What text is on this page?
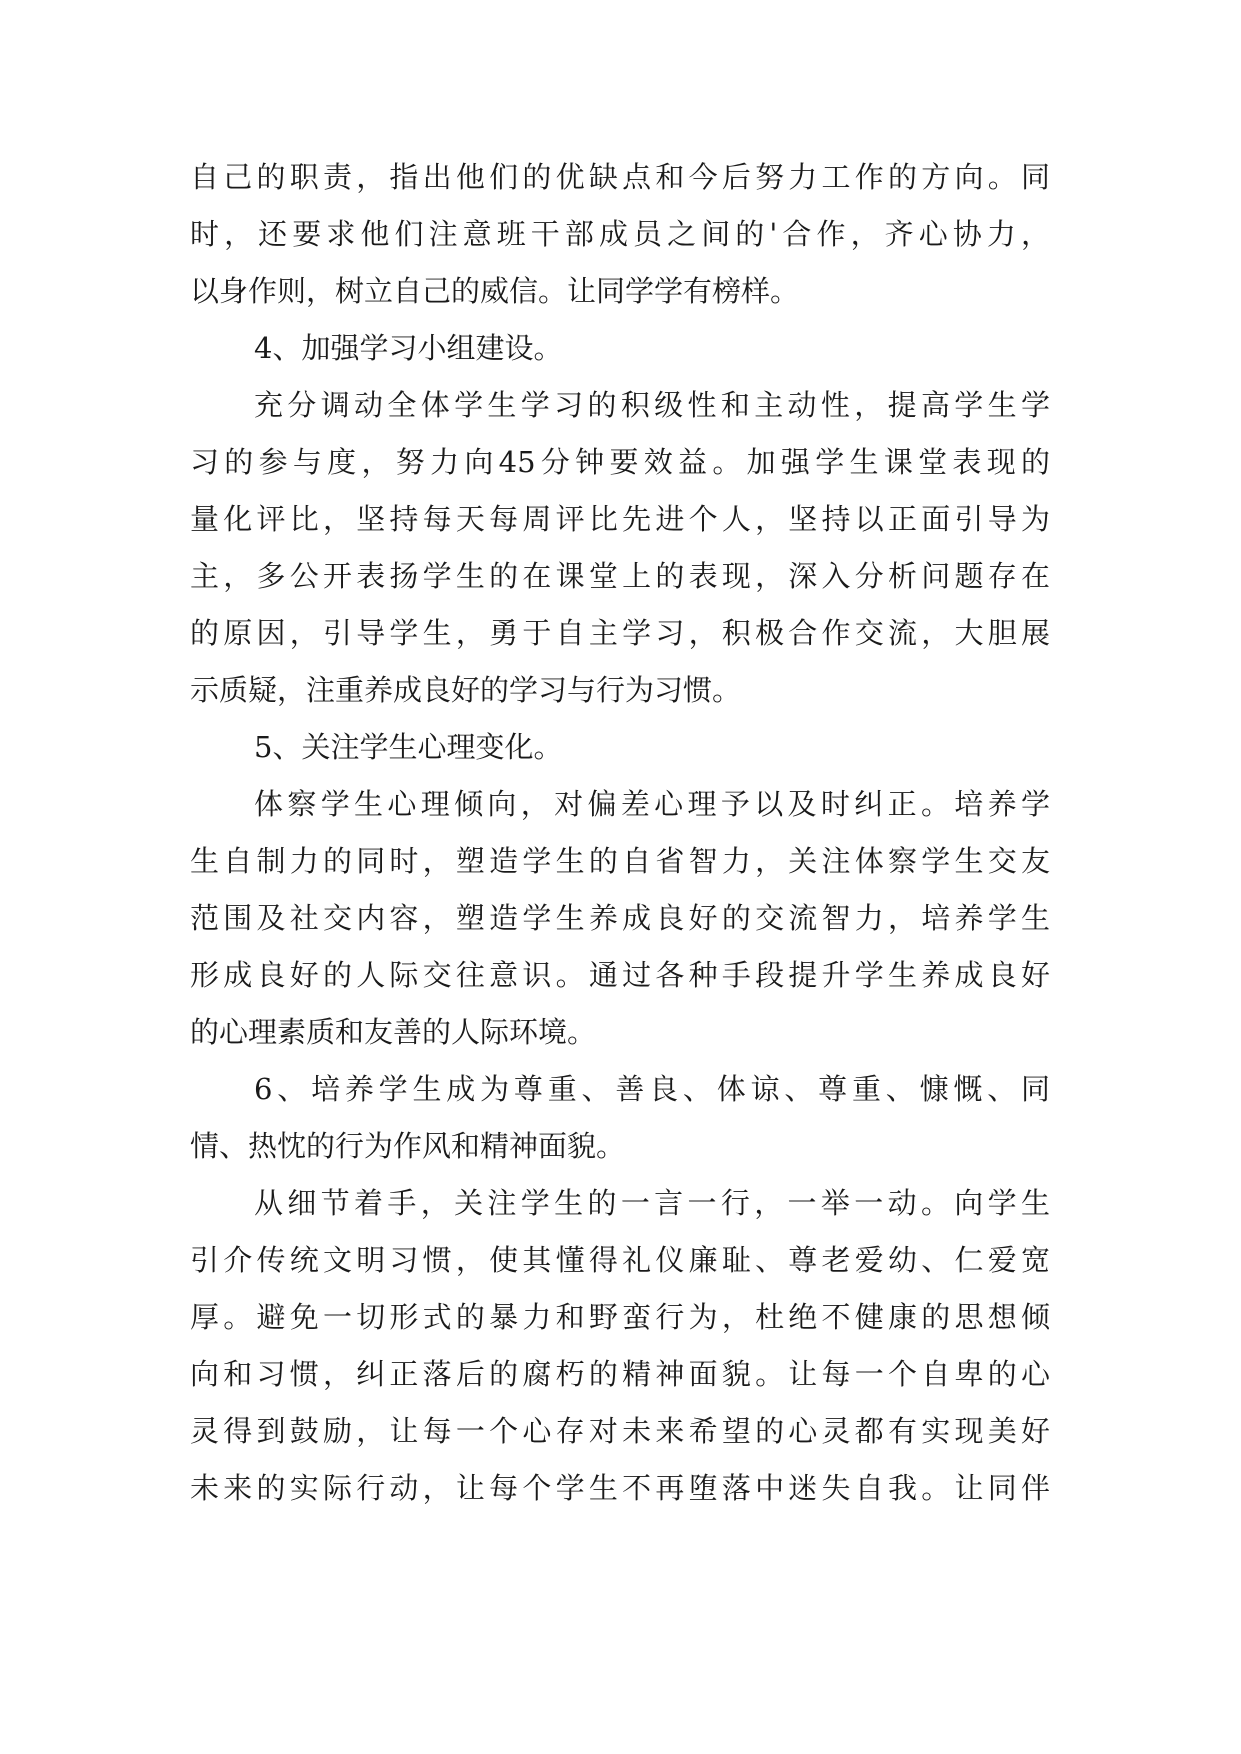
自己的职责，指出他们的优缺点和今后努力工作的方向。同
时，还要求他们注意班干部成员之间的'合作，齐心协力，
以身作则，树立自己的威信。让同学学有榜样。
4、加强学习小组建设。
充分调动全体学生学习的积级性和主动性，提高学生学
习的参与度，努力向45分钟要效益。加强学生课堂表现的
量化评比，坚持每天每周评比先进个人，坚持以正面引导为
主，多公开表扬学生的在课堂上的表现，深入分析问题存在
的原因，引导学生，勇于自主学习，积极合作交流，大胆展
示质疑，注重养成良好的学习与行为习惯。
5、关注学生心理变化。
体察学生心理倾向，对偏差心理予以及时纠正。培养学
生自制力的同时，塑造学生的自省智力，关注体察学生交友
范围及社交内容，塑造学生养成良好的交流智力，培养学生
形成良好的人际交往意识。通过各种手段提升学生养成良好
的心理素质和友善的人际环境。
6、培养学生成为尊重、善良、体谅、尊重、慷慨、同
情、热忱的行为作风和精神面貌。
从细节着手，关注学生的一言一行，一举一动。向学生
引介传统文明习惯，使其懂得礼仪廉耻、尊老爱幼、仁爱宽
厚。避免一切形式的暴力和野蛮行为，杜绝不健康的思想倾
向和习惯，纠正落后的腐朽的精神面貌。让每一个自卑的心
灵得到鼓励，让每一个心存对未来希望的心灵都有实现美好
未来的实际行动，让每个学生不再堕落中迷失自我。让同伴
